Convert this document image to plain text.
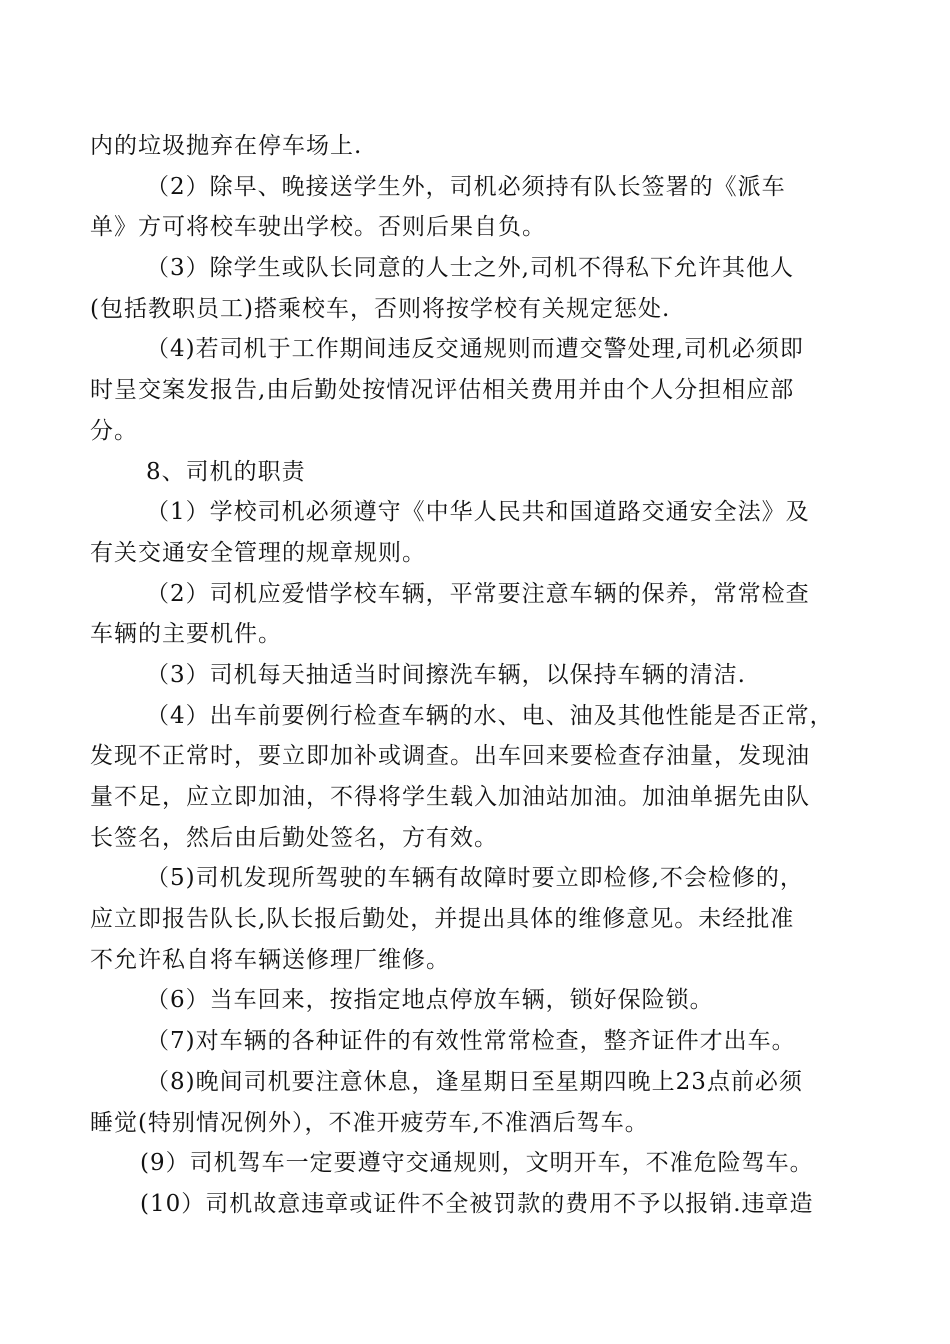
内的垃圾抛弃在停车场上.
（2）除早、晚接送学生外，司机必须持有队长签署的《派车
单》方可将校车驶出学校。否则后果自负。
（3）除学生或队长同意的人士之外,司机不得私下允许其他人
(包括教职员工)搭乘校车，否则将按学校有关规定惩处.
（4)若司机于工作期间违反交通规则而遭交警处理,司机必须即
时呈交案发报告,由后勤处按情况评估相关费用并由个人分担相应部
分。
8、司机的职责
（1）学校司机必须遵守《中华人民共和国道路交通安全法》及
有关交通安全管理的规章规则。
（2）司机应爱惜学校车辆，平常要注意车辆的保养，常常检查
车辆的主要机件。
（3）司机每天抽适当时间擦洗车辆，以保持车辆的清洁.
（4）出车前要例行检查车辆的水、电、油及其他性能是否正常，
发现不正常时，要立即加补或调查。出车回来要检查存油量，发现油
量不足，应立即加油，不得将学生载入加油站加油。加油单据先由队
长签名，然后由后勤处签名，方有效。
（5)司机发现所驾驶的车辆有故障时要立即检修,不会检修的，
应立即报告队长,队长报后勤处，并提出具体的维修意见。未经批准
不允许私自将车辆送修理厂维修。
（6）当车回来，按指定地点停放车辆，锁好保险锁。
（7)对车辆的各种证件的有效性常常检查，整齐证件才出车。
（8)晚间司机要注意休息，逢星期日至星期四晚上23点前必须
睡觉(特别情况例外），不准开疲劳车,不准酒后驾车。
(9）司机驾车一定要遵守交通规则，文明开车，不准危险驾车。
(10）司机故意违章或证件不全被罚款的费用不予以报销.违章造
